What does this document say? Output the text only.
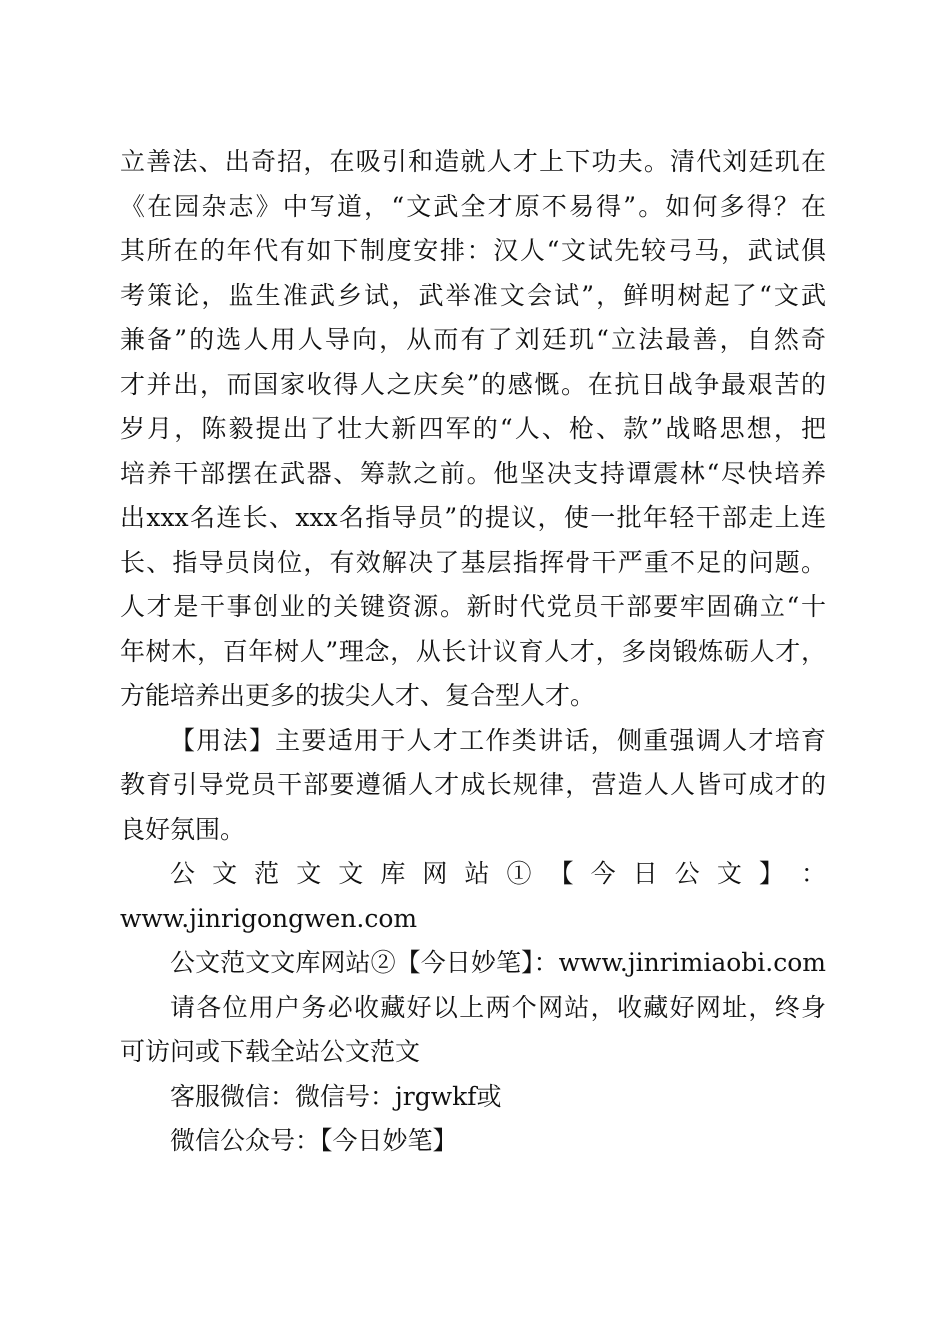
立善法、出奇招，在吸引和造就人才上下功夫。清代刘廷玑在
《在园杂志》中写道，“文武全才原不易得”。如何多得？在
其所在的年代有如下制度安排：汉人“文试先较弓马，武试俱
考策论，监生准武乡试，武举准文会试”，鲜明树起了“文武
兼备”的选人用人导向，从而有了刘廷玑“立法最善，自然奇
才并出，而国家收得人之庆矣”的感慨。在抗日战争最艰苦的
岁月，陈毅提出了壮大新四军的“人、枪、款”战略思想，把
培养干部摆在武器、筹款之前。他坚决支持谭震林“尽快培养
出xxx名连长、xxx名指导员”的提议，使一批年轻干部走上连
长、指导员岗位，有效解决了基层指挥骨干严重不足的问题。
人才是干事创业的关键资源。新时代党员干部要牢固确立“十
年树木，百年树人”理念，从长计议育人才，多岗锻炼砺人才，
方能培养出更多的拔尖人才、复合型人才。
【用法】主要适用于人才工作类讲话，侧重强调人才培育
教育引导党员干部要遵循人才成长规律，营造人人皆可成才的
良好氛围。
公 文 范 文 文 库 网 站 ① 【 今 日 公 文 】 ：
www.jinrigongwen.com
公文范文文库网站②【今日妙笔】：www.jinrimiaobi.com
请各位用户务必收藏好以上两个网站，收藏好网址，终身
可访问或下载全站公文范文
客服微信：微信号：jrgwkf或
微信公众号：【今日妙笔】
